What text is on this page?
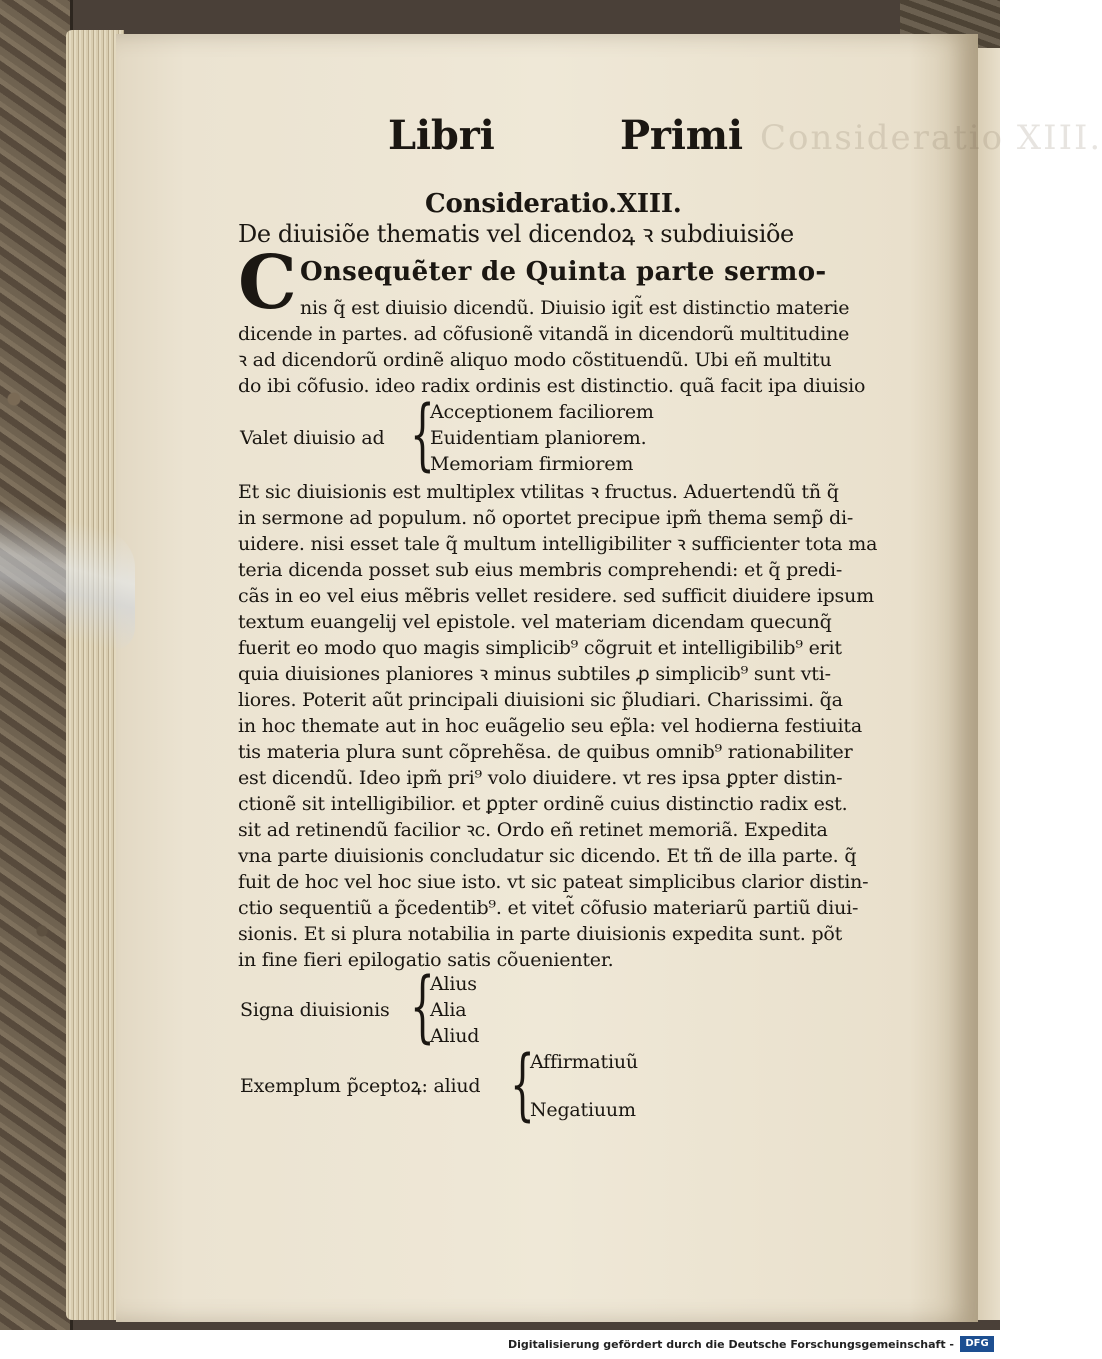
Consideratio XIII.
Libri	Primi
Consideratio.XIII.
De diuisiõe thematis vel dicendoꝝ ꝛ subdiuisiõe
C Onsequẽter de Quinta parte sermo-
nis q̃ est diuisio dicendũ. Diuisio igit̃ est distinctio materie
dicende in partes. ad cõfusionẽ vitandã in dicendorũ multitudine
ꝛ ad dicendorũ ordinẽ aliquo modo cõstituendũ. Ubi eñ multitu
do ibi cõfusio. ideo radix ordinis est distinctio. quã facit ipa diuisio
{
Acceptionem faciliorem
Valet diuisio ad Euidentiam planiorem.
Memoriam firmiorem
Et sic diuisionis est multiplex vtilitas ꝛ fructus. Aduertendũ tñ q̃
in sermone ad populum. nõ oportet precipue ipm̃ thema semp̃ di-
uidere. nisi esset tale q̃ multum intelligibiliter ꝛ sufficienter tota ma
teria dicenda posset sub eius membris comprehendi: et q̃ predi-
cãs in eo vel eius mẽbris vellet residere. sed sufficit diuidere ipsum
textum euangelij vel epistole. vel materiam dicendam quecunq̃
fuerit eo modo quo magis simplicib⁹ cõgruit et intelligibilib⁹ erit
quia diuisiones planiores ꝛ minus subtiles ꝓ simplicib⁹ sunt vti-
liores. Poterit aũt principali diuisioni sic p̃ludiari. Charissimi. q̃a
in hoc themate aut in hoc euãgelio seu ep̃la: vel hodierna festiuita
tis materia plura sunt cõprehẽsa. de quibus omnib⁹ rationabiliter
est dicendũ. Ideo ipm̃ pri⁹ volo diuidere. vt res ipsa ꝑpter distin-
ctionẽ sit intelligibilior. et ꝑpter ordinẽ cuius distinctio radix est.
sit ad retinendũ facilior ꝛc. Ordo eñ retinet memoriã. Expedita
vna parte diuisionis concludatur sic dicendo. Et tñ de illa parte. q̃
fuit de hoc vel hoc siue isto. vt sic pateat simplicibus clarior distin-
ctio sequentiũ a p̃cedentib⁹. et vitet̃ cõfusio materiarũ partiũ diui-
sionis. Et si plura notabilia in parte diuisionis expedita sunt. põt
in fine fieri epilogatio satis cõuenienter.
{
Alius
Signa diuisionis Alia
Aliud
{
Affirmatiuũ
Exemplum p̃ceptoꝝ: aliud
Negatiuum
Digitalisierung gefördert durch die Deutsche Forschungsgemeinschaft -	DFG
